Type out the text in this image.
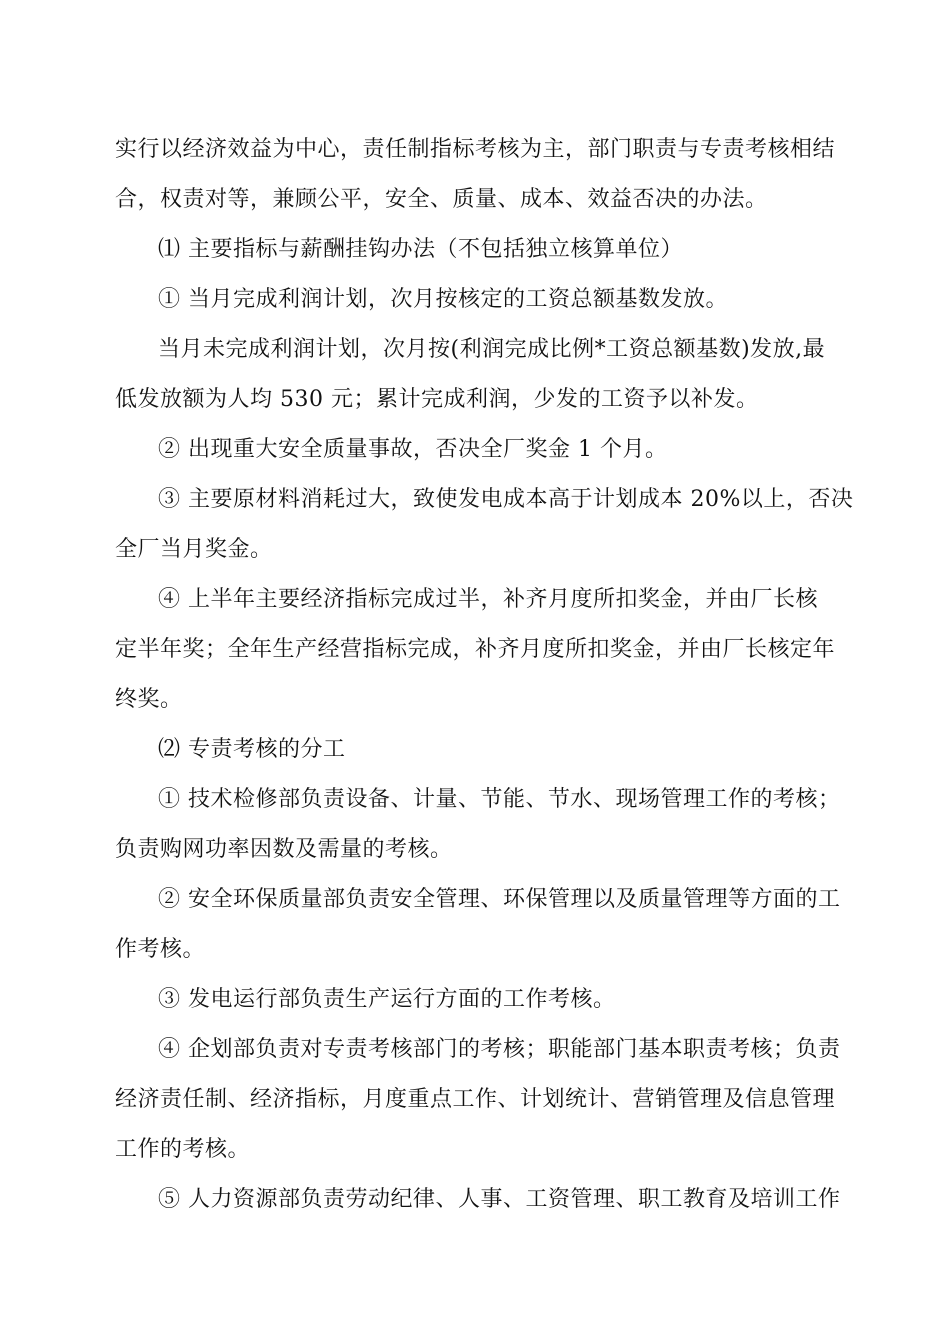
实行以经济效益为中心，责任制指标考核为主，部门职责与专责考核相结
合，权责对等，兼顾公平，安全、质量、成本、效益否决的办法。
⑴ 主要指标与薪酬挂钩办法（不包括独立核算单位）
① 当月完成利润计划，次月按核定的工资总额基数发放。
当月未完成利润计划，次月按(利润完成比例*工资总额基数)发放,最
低发放额为人均 530 元；累计完成利润，少发的工资予以补发。
② 出现重大安全质量事故，否决全厂奖金 1 个月。
③ 主要原材料消耗过大，致使发电成本高于计划成本 20%以上，否决
全厂当月奖金。
④ 上半年主要经济指标完成过半，补齐月度所扣奖金，并由厂长核
定半年奖；全年生产经营指标完成，补齐月度所扣奖金，并由厂长核定年
终奖。
⑵ 专责考核的分工
① 技术检修部负责设备、计量、节能、节水、现场管理工作的考核；
负责购网功率因数及需量的考核。
② 安全环保质量部负责安全管理、环保管理以及质量管理等方面的工
作考核。
③ 发电运行部负责生产运行方面的工作考核。
④ 企划部负责对专责考核部门的考核；职能部门基本职责考核；负责
经济责任制、经济指标，月度重点工作、计划统计、营销管理及信息管理
工作的考核。
⑤ 人力资源部负责劳动纪律、人事、工资管理、职工教育及培训工作
